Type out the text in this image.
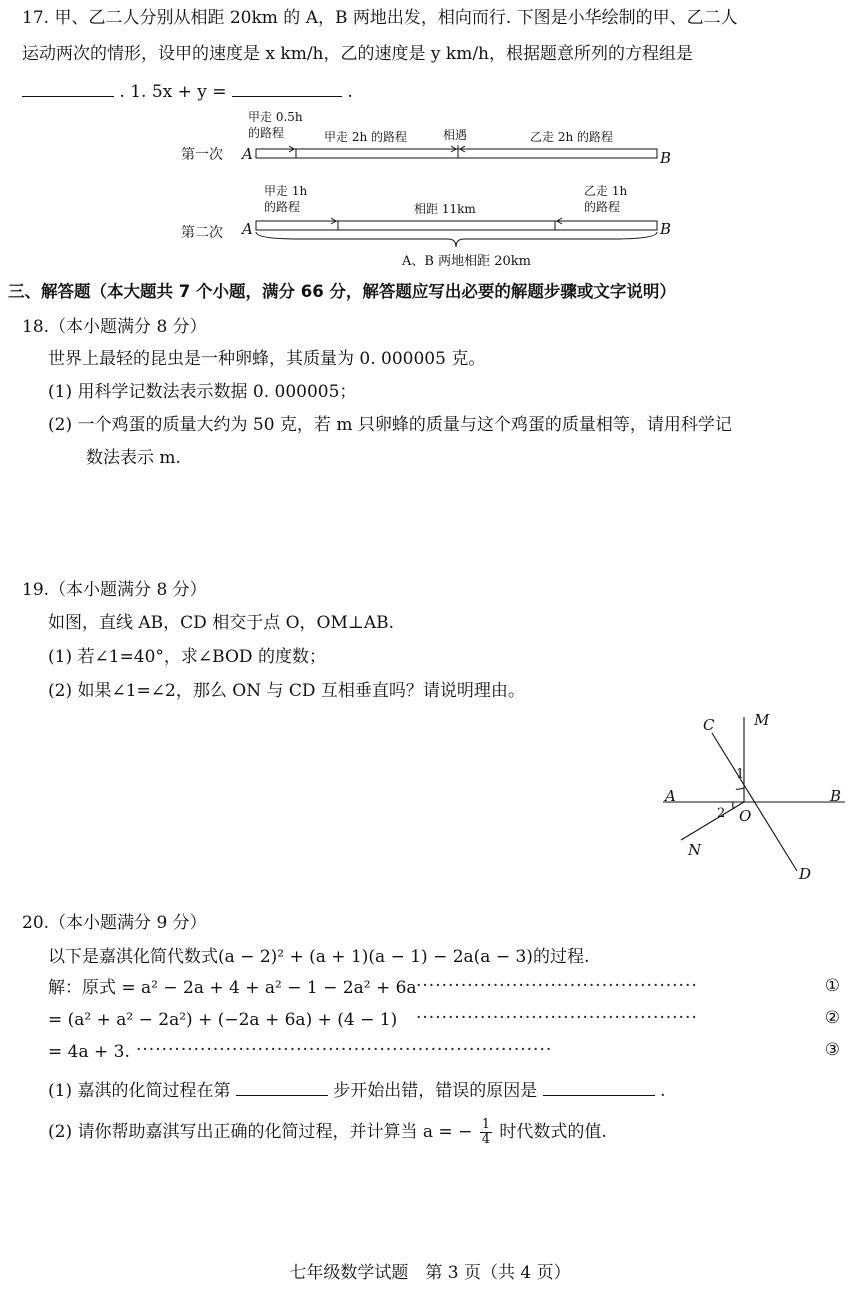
17. 甲、乙二人分别从相距 20km 的 A，B 两地出发，相向而行. 下图是小华绘制的甲、乙二人
运动两次的情形，设甲的速度是 x km/h，乙的速度是 y km/h，根据题意所列的方程组是
. 1. 5x + y =	.
第一次 A	B
甲走 0.5h
的路程	甲走 2h 的路程	相遇	乙走 2h 的路程
第二次 A	B
甲走 1h
的路程	相距 11km
乙走 1h
的路程
A、B 两地相距 20km
三、解答题（本大题共 7 个小题，满分 66 分，解答题应写出必要的解题步骤或文字说明）
18.（本小题满分 8 分）
世界上最轻的昆虫是一种卵蜂，其质量为 0. 000005 克。
(1) 用科学记数法表示数据 0. 000005；
(2) 一个鸡蛋的质量大约为 50 克，若 m 只卵蜂的质量与这个鸡蛋的质量相等，请用科学记
数法表示 m.
19.（本小题满分 8 分）
如图，直线 AB，CD 相交于点 O，OM⊥AB.
(1) 若∠1=40°，求∠BOD 的度数；
(2) 如果∠1=∠2，那么 ON 与 CD 互相垂直吗？请说明理由。
A	B
C
D
M
N
O
1
2
20.（本小题满分 9 分）
以下是嘉淇化简代数式(a − 2)² + (a + 1)(a − 1) − 2a(a − 3)的过程.
解：原式 = a² − 2a + 4 + a² − 1 − 2a² + 6a ············································	①
= (a² + a² − 2a²) + (−2a + 6a) + (4 − 1) ············································	②
= 4a + 3. ·································································	③
(1) 嘉淇的化简过程在第	步开始出错，错误的原因是	.
(2) 请你帮助嘉淇写出正确的化简过程，并计算当 a = − $\frac{1}{4}$ 时代数式的值.
七年级数学试题　第 3 页（共 4 页）
